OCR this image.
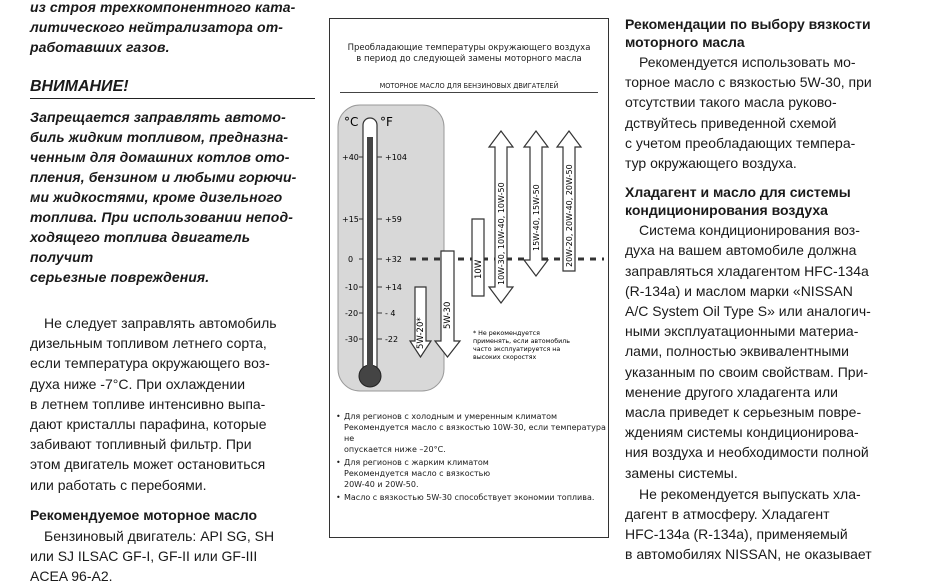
из строя трехкомпонентного ката-
литического нейтрализатора от-
работавших газов.
ВНИМАНИЕ!
Запрещается заправлять автомо-
биль жидким топливом, предназна-
ченным для домашних котлов ото-
пления, бензином и любыми горючи-
ми жидкостями, кроме дизельного
топлива. При использовании непод-
ходящего топлива двигатель получит
серьезные повреждения.
Не следует заправлять автомобиль
дизельным топливом летнего сорта,
если температура окружающего воз-
духа ниже -7°C. При охлаждении
в летнем топливе интенсивно выпа-
дают кристаллы парафина, которые
забивают топливный фильтр. При
этом двигатель может остановиться
или работать с перебоями.
Рекомендуемое моторное масло
Бензиновый двигатель: API SG, SH
или SJ ILSAC GF-I, GF-II или GF-III
ACEA 96-A2.
Преобладающие температуры окружающего воздуха
в период до следующей замены моторного масла
МОТОРНОЕ МАСЛО ДЛЯ БЕНЗИНОВЫХ ДВИГАТЕЛЕЙ
°C °F
+40
+15
0
-10
-20
-30
+104
+59
+32
+14
- 4
-22 5W-20*
5W-30
10W 10W-30, 10W-40, 10W-50	15W-40, 15W-50	20W-20, 20W-40, 20W-50
* Не рекомендуется
применять, если автомобиль
часто эксплуатируется на
высоких скоростях
• Для регионов с холодным и умеренным климатом
Рекомендуется масло с вязкостью 10W-30, если температура не
опускается ниже –20°C.
• Для регионов с жарким климатом
Рекомендуется масло с вязкостью
20W-40 и 20W-50.
• Масло с вязкостью 5W-30 способствует экономии топлива.
Рекомендации по выбору вязкости
моторного масла
Рекомендуется использовать мо-
торное масло с вязкостью 5W-30, при
отсутствии такого масла руково-
дствуйтесь приведенной схемой
с учетом преобладающих темпера-
тур окружающего воздуха.
Хладагент и масло для системы
кондиционирования воздуха
Система кондиционирования воз-
духа на вашем автомобиле должна
заправляться хладагентом HFC-134a
(R-134a) и маслом марки «NISSAN
A/C System Oil Type S» или аналогич-
ными эксплуатационными материа-
лами, полностью эквивалентными
указанным по своим свойствам. При-
менение другого хладагента или
масла приведет к серьезным повре-
ждениям системы кондиционирова-
ния воздуха и необходимости полной
замены системы.
Не рекомендуется выпускать хла-
дагент в атмосферу. Хладагент
HFC-134a (R-134a), применяемый
в автомобилях NISSAN, не оказывает
